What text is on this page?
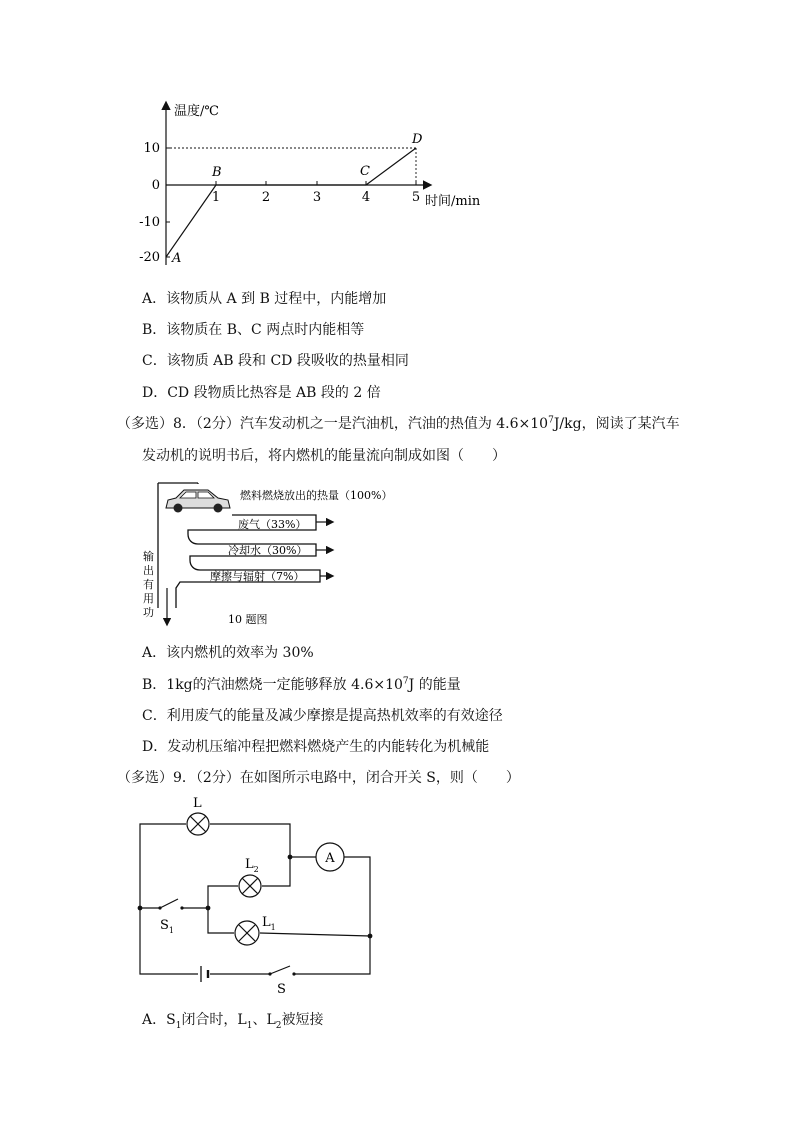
温度/℃
时间/min
10
0
-10
-20
1	2	3	4	5
A
B	C
D
A．该物质从 A 到 B 过程中，内能增加
B．该物质在 B、C 两点时内能相等
C．该物质 AB 段和 CD 段吸收的热量相同
D．CD 段物质比热容是 AB 段的 2 倍
（多选）8．（2分）汽车发动机之一是汽油机，汽油的热值为 $4.6\times 10^7J/kg$，阅读了某汽车
发动机的说明书后，将内燃机的能量流向制成如图（　　）
燃料燃烧放出的热量（100%）
废气（33%）
冷却水（30%）
摩擦与辐射（7%）
输
出
有
用
功
10 题图
A．该内燃机的效率为 30%
B．1kg的汽油燃烧一定能够释放 $4.6\times 10^7J$ 的能量
C．利用废气的能量及减少摩擦是提高热机效率的有效途径
D．发动机压缩冲程把燃料燃烧产生的内能转化为机械能
（多选）9．（2分）在如图所示电路中，闭合开关 S，则（　　）
A
L
$L_2$
$L_1$
$S_1$
S
A．$S_1$闭合时，$L_1$、$L_2$被短接
